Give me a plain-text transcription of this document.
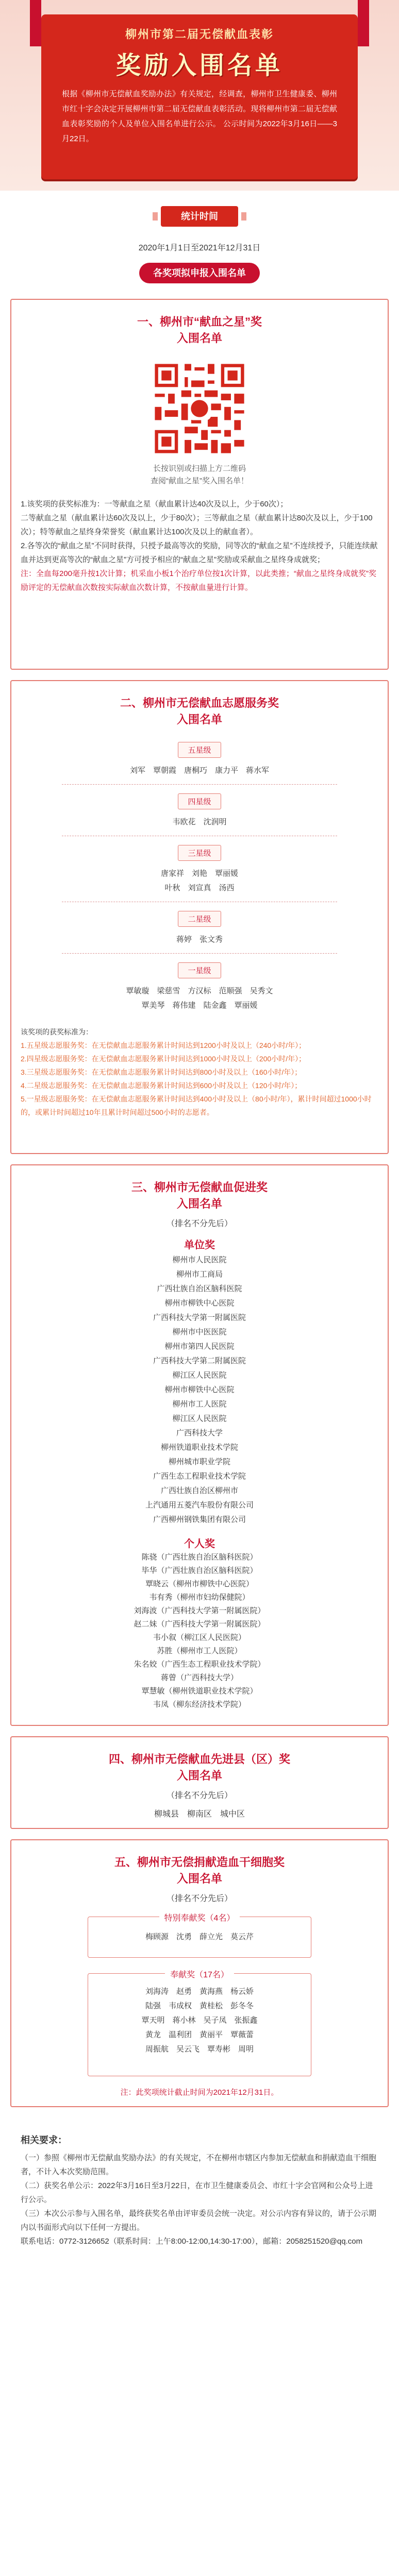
柳州市第二届无偿献血表彰
奖励入围名单
根据《柳州市无偿献血奖励办法》有关规定，经调查，柳州市卫生健康委、柳州市红十字会决定开展柳州市第二届无偿献血表彰活动。现将柳州市第二届无偿献血表彰奖励的个人及单位入围名单进行公示。 公示时间为2022年3月16日——3月22日。
统计时间
2020年1月1日至2021年12月31日
各奖项拟申报入围名单
一、柳州市“献血之星”奖
入围名单
长按识别或扫描上方二维码
查阅“献血之星”奖入围名单！

1.该奖项的获奖标准为：一等献血之星（献血累计达40次及以上，少于60次）；

二等献血之星（献血累计达60次及以上，少于80次）；三等献血之星（献血累计达80次及以上，少于100次）；特等献血之星终身荣誉奖（献血累计达100次及以上的献血者）。

2.各等次的“献血之星”不同时获得，只授予最高等次的奖励，同等次的“献血之星”不连续授予，只能连续献血并达到更高等次的“献血之星”方可授予相应的“献血之星”奖励或采献血之星终身成就奖；

注：全血每200毫升按1次计算；机采血小板1个治疗单位按1次计算，以此类推；“献血之星终身成就奖”奖励评定的无偿献血次数按实际献血次数计算，不按献血量进行计算。

二、柳州市无偿献血志愿服务奖
入围名单
五星级
刘军　覃朝霞　唐桐巧　康力平　蒋水军
四星级
韦欧花　沈润明
三星级
唐家祥　刘艳　覃丽媛
叶秋　刘宣真　汤西
二星级
蒋婷　张文秀
一星级
覃敏璇　梁慈雪　方汉标　范顺强　吴秀文
覃美琴　蒋伟建　陆金鑫　覃丽媛

该奖项的获奖标准为：

1.五星级志愿服务奖：在无偿献血志愿服务累计时间达到1200小时及以上（240小时/年）；

2.四星级志愿服务奖：在无偿献血志愿服务累计时间达到1000小时及以上（200小时/年）；

3.三星级志愿服务奖：在无偿献血志愿服务累计时间达到800小时及以上（160小时/年）；

4.二星级志愿服务奖：在无偿献血志愿服务累计时间达到600小时及以上（120小时/年）；

5.一星级志愿服务奖：在无偿献血志愿服务累计时间达到400小时及以上（80小时/年），累计时间超过1000小时的，或累计时间超过10年且累计时间超过500小时的志愿者。

三、柳州市无偿献血促进奖
入围名单
（排名不分先后）
单位奖
柳州市人民医院
柳州市工商局
广西壮族自治区脑科医院
柳州市柳铁中心医院
广西科技大学第一附属医院
柳州市中医医院
柳州市第四人民医院
广西科技大学第二附属医院
柳江区人民医院
柳州市柳铁中心医院
柳州市工人医院
柳江区人民医院
广西科技大学
柳州铁道职业技术学院
柳州城市职业学院
广西生态工程职业技术学院
广西壮族自治区柳州市
上汽通用五菱汽车股份有限公司
广西柳州钢铁集团有限公司
个人奖
陈骁（广西壮族自治区脑科医院）
毕华（广西壮族自治区脑科医院）
覃晓云（柳州市柳铁中心医院）
韦有秀（柳州市妇幼保健院）
刘海波（广西科技大学第一附属医院）
赵二妹（广西科技大学第一附属医院）
韦小叙（柳江区人民医院）
苏胜（柳州市工人医院）
朱名姣（广西生态工程职业技术学院）
蒋曾（广西科技大学）
覃慧敏（柳州铁道职业技术学院）
韦凤（柳东经济技术学院）
四、柳州市无偿献血先进县（区）奖
入围名单
（排名不分先后）
柳城县　柳南区　城中区
五、柳州市无偿捐献造血干细胞奖
入围名单
（排名不分先后）
特别奉献奖（4名）
梅顾源　沈勇　薛立光　莫云芹
奉献奖（17名）
刘海涛　赵勇　黄海燕　杨云娇
陆强　韦成权　黄桂松　彭冬冬
覃天明　蒋小林　吴子凤　张振鑫
黄龙　温利团　黄丽平　覃薇蕾
周振航　吴云飞　覃寿彬　周明
注：此奖项统计截止时间为2021年12月31日。
相关要求：

（一）参照《柳州市无偿献血奖励办法》的有关规定，不在柳州市辖区内参加无偿献血和捐献造血干细胞者，不计入本次奖励范围。

（二）获奖名单公示：2022年3月16日至3月22日，在市卫生健康委员会、市红十字会官网和公众号上进行公示。

（三）本次公示参与入围名单，最终获奖名单由评审委员会统一决定。对公示内容有异议的，请于公示期内以书面形式向以下任何一方提出。

联系电话：0772-3126652（联系时间：上午8:00-12:00,14:30-17:00），邮箱：2058251520@qq.com
